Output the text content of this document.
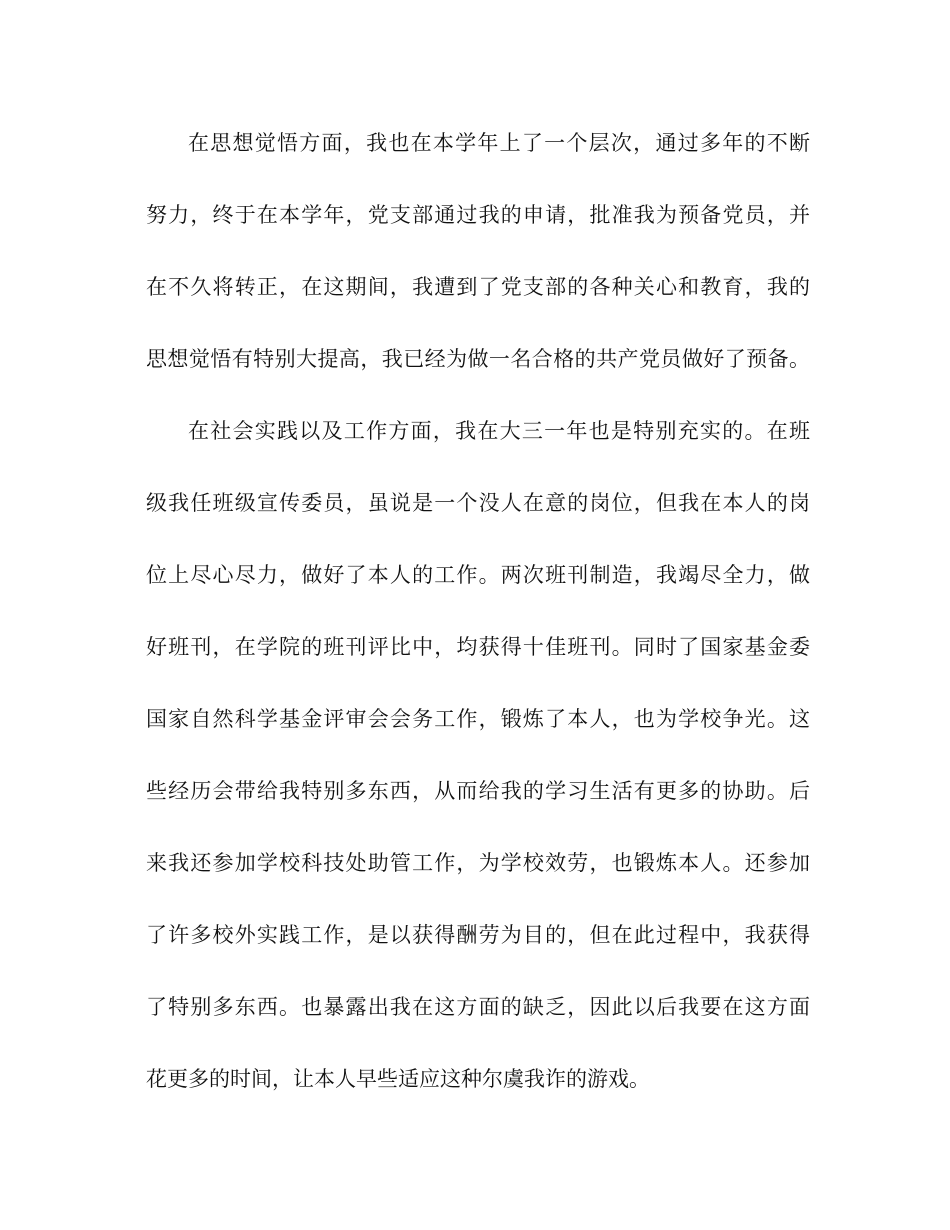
在思想觉悟方面，我也在本学年上了一个层次，通过多年的不断
努力，终于在本学年，党支部通过我的申请，批准我为预备党员，并
在不久将转正，在这期间，我遭到了党支部的各种关心和教育，我的
思想觉悟有特别大提高，我已经为做一名合格的共产党员做好了预备。
在社会实践以及工作方面，我在大三一年也是特别充实的。在班
级我任班级宣传委员，虽说是一个没人在意的岗位，但我在本人的岗
位上尽心尽力，做好了本人的工作。两次班刊制造，我竭尽全力，做
好班刊，在学院的班刊评比中，均获得十佳班刊。同时了国家基金委
国家自然科学基金评审会会务工作，锻炼了本人，也为学校争光。这
些经历会带给我特别多东西，从而给我的学习生活有更多的协助。后
来我还参加学校科技处助管工作，为学校效劳，也锻炼本人。还参加
了许多校外实践工作，是以获得酬劳为目的，但在此过程中，我获得
了特别多东西。也暴露出我在这方面的缺乏，因此以后我要在这方面
花更多的时间，让本人早些适应这种尔虞我诈的游戏。
